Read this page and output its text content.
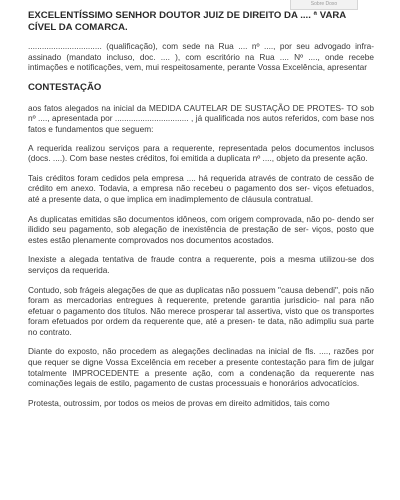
Sobre Doxo

EXCELENTÍSSIMO SENHOR DOUTOR JUIZ DE DIREITO DA .... ª VARA CÍVEL DA COMARCA.

................................ (qualificação), com sede na Rua .... nº ...., por seu advogado infra-assinado (mandato incluso, doc. .... ), com escritório na Rua .... Nº ...., onde recebe intimações e notificações, vem, mui respeitosamente, perante Vossa Excelência, apresentar

CONTESTAÇÃO

aos fatos alegados na inicial da MEDIDA CAUTELAR DE SUSTAÇÃO DE PROTES- TO sob nº ...., apresentada por ................................ , já qualificada nos autos referidos, com base nos fatos e fundamentos que seguem:

A requerida realizou serviços para a requerente, representada pelos documentos inclusos (docs. ....). Com base nestes créditos, foi emitida a duplicata nº ...., objeto da presente ação.

Tais créditos foram cedidos pela empresa .... há requerida através de contrato de cessão de crédito em anexo. Todavia, a empresa não recebeu o pagamento dos ser- viços efetuados, até a presente data, o que implica em inadimplemento de cláusula contratual.

As duplicatas emitidas são documentos idôneos, com origem comprovada, não po- dendo ser ilidido seu pagamento, sob alegação de inexistência de prestação de ser- viços, posto que estes estão plenamente comprovados nos documentos acostados.

Inexiste a alegada tentativa de fraude contra a requerente, pois a mesma utilizou-se dos serviços da requerida.

Contudo, sob frágeis alegações de que as duplicatas não possuem "causa debendi", pois não foram as mercadorias entregues à requerente, pretende garantia jurisdicio- nal para não efetuar o pagamento dos títulos. Não merece prosperar tal assertiva, visto que os transportes foram efetuados por ordem da requerente que, até a presen- te data, não adimpliu sua parte no contrato.

Diante do exposto, não procedem as alegações declinadas na inicial de fls. ...., razões por que requer se digne Vossa Excelência em receber a presente contestação para fim de julgar totalmente IMPROCEDENTE a presente ação, com a condenação da requerente nas cominações legais de estilo, pagamento de custas processuais e honorários advocatícios.

Protesta, outrossim, por todos os meios de provas em direito admitidos, tais como
